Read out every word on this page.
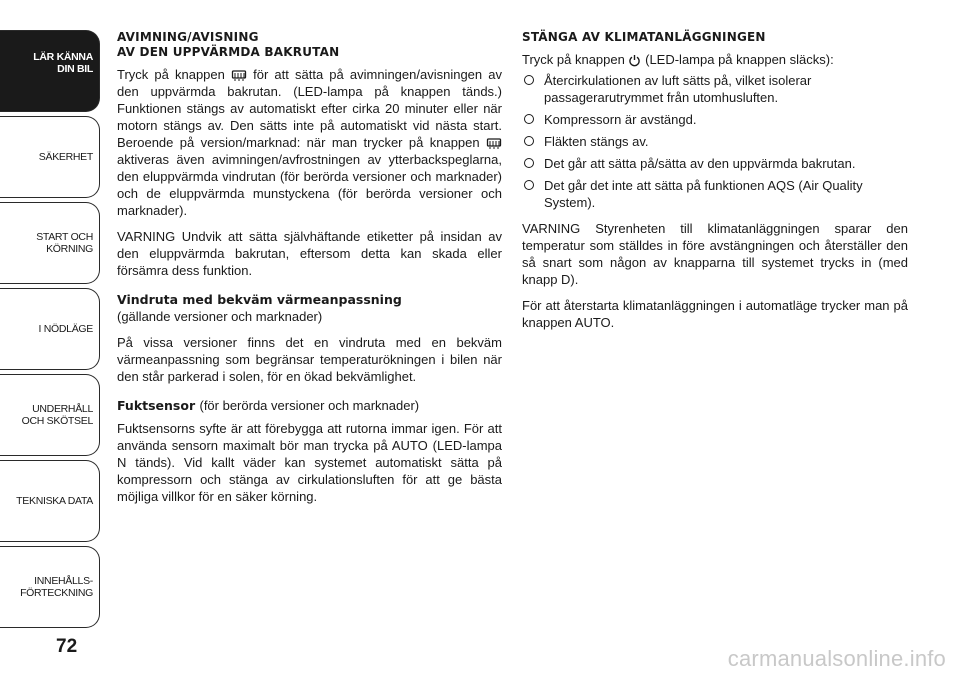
LÄR KÄNNA
DIN BIL
SÄKERHET
START OCH
KÖRNING
I NÖDLÄGE
UNDERHÅLL
OCH SKÖTSEL
TEKNISKA DATA
INNEHÅLLS-
FÖRTECKNING
72
AVIMNING/AVISNING
AV DEN UPPVÄRMDA BAKRUTAN

Tryck på knappen för att sätta på avimningen/avisningen av den uppvärmda bakrutan. (LED-lampa på knappen tänds.) Funktionen stängs av automatiskt efter cirka 20 minuter eller när motorn stängs av. Den sätts inte på automatiskt vid nästa start. Beroende på version/marknad: när man trycker på knappen  aktiveras även avimningen/avfrostningen av ytterbackspeglarna, den eluppvärmda vindrutan (för berörda versioner och marknader) och de eluppvärmda munstyckena (för berörda versioner och marknader).

VARNING Undvik att sätta självhäftande etiketter på insidan av den eluppvärmda bakrutan, eftersom detta kan skada eller försämra dess funktion.

Vindruta med bekväm värmeanpassning
(gällande versioner och marknader)

På vissa versioner finns det en vindruta med en bekväm värmeanpassning som begränsar temperaturökningen i bilen när den står parkerad i solen, för en ökad bekvämlighet.

Fuktsensor (för berörda versioner och marknader)

Fuktsensorns syfte är att förebygga att rutorna immar igen. För att använda sensorn maximalt bör man trycka på AUTO (LED-lampa N tänds). Vid kallt väder kan systemet automatiskt sätta på kompressorn och stänga av cirkulationsluften för att ge bästa möjliga villkor för en säker körning.

STÄNGA AV KLIMATANLÄGGNINGEN

Tryck på knappen (LED-lampa på knappen släcks):

Återcirkulationen av luft sätts på, vilket isolerar passagerarutrymmet från utomhusluften.
Kompressorn är avstängd.
Fläkten stängs av.
Det går att sätta på/sätta av den uppvärmda bakrutan.
Det går det inte att sätta på funktionen AQS (Air Quality System).

VARNING Styrenheten till klimatanläggningen sparar den temperatur som ställdes in före avstängningen och återställer den så snart som någon av knapparna till systemet trycks in (med knapp D).

För att återstarta klimatanläggningen i automatläge trycker man på knappen AUTO.

carmanualsonline.info
